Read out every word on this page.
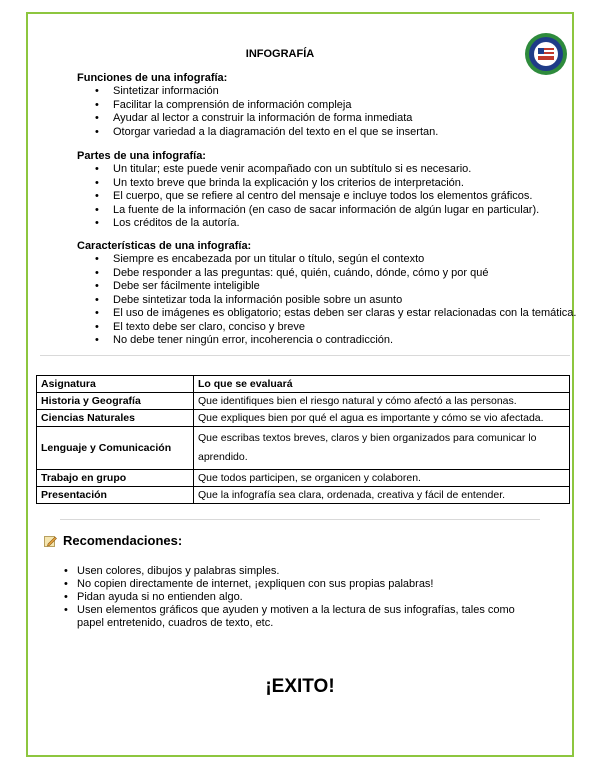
INFOGRAFÍA
Funciones de una infografía:
• Sintetizar información
• Facilitar la comprensión de información compleja
• Ayudar al lector a construir la información de forma inmediata
• Otorgar variedad a la diagramación del texto en el que se insertan.
Partes de una infografía:
• Un titular; este puede venir acompañado con un subtítulo si es necesario.
• Un texto breve que brinda la explicación y los criterios de interpretación.
• El cuerpo, que se refiere al centro del mensaje e incluye todos los elementos gráficos.
• La fuente de la información (en caso de sacar información de algún lugar en particular).
• Los créditos de la autoría.
Características de una infografía:
• Siempre es encabezada por un titular o título, según el contexto
• Debe responder a las preguntas: qué, quién, cuándo, dónde, cómo y por qué
• Debe ser fácilmente inteligible
• Debe sintetizar toda la información posible sobre un asunto
• El uso de imágenes es obligatorio; estas deben ser claras y estar relacionadas con la temática.
• El texto debe ser claro, conciso y breve
• No debe tener ningún error, incoherencia o contradicción.
Asignatura	Lo que se evaluará
Historia y Geografía	Que identifiques bien el riesgo natural y cómo afectó a las personas.
Ciencias Naturales	Que expliques bien por qué el agua es importante y cómo se vio afectada.
Lenguaje y Comunicación	Que escribas textos breves, claros y bien organizados para comunicar lo aprendido.
Trabajo en grupo	Que todos participen, se organicen y colaboren.
Presentación	Que la infografía sea clara, ordenada, creativa y fácil de entender.
Recomendaciones:
• Usen colores, dibujos y palabras simples.
• No copien directamente de internet, ¡expliquen con sus propias palabras!
• Pidan ayuda si no entienden algo.
• Usen elementos gráficos que ayuden y motiven a la lectura de sus infografías, tales como papel entretenido, cuadros de texto, etc.
¡EXITO!
